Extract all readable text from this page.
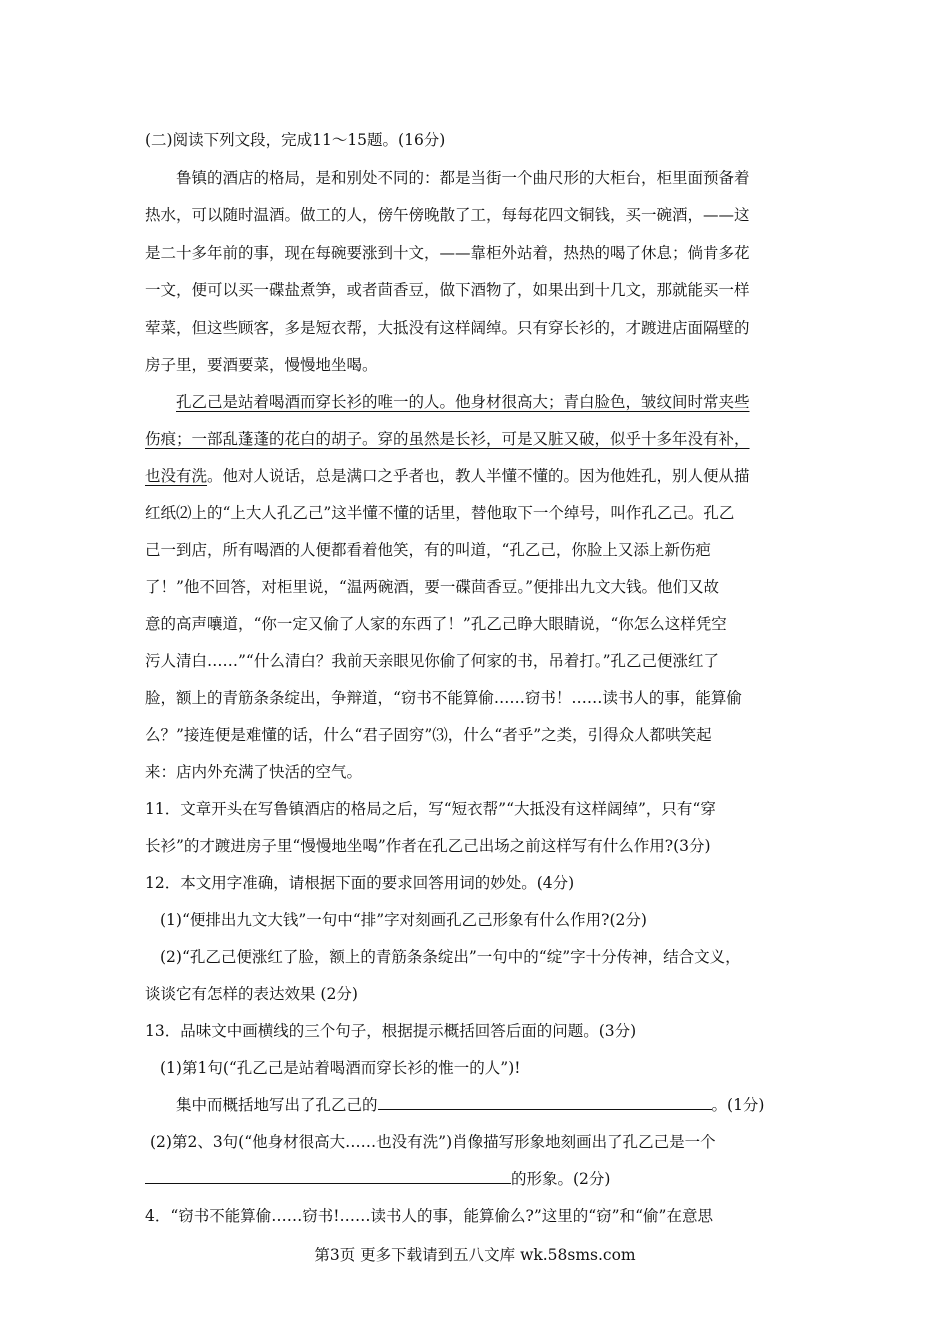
(二)阅读下列文段，完成11～15题。(16分)
鲁镇的酒店的格局，是和别处不同的：都是当街一个曲尺形的大柜台，柜里面预备着
热水，可以随时温酒。做工的人，傍午傍晚散了工，每每花四文铜钱，买一碗酒，——这
是二十多年前的事，现在每碗要涨到十文，——靠柜外站着，热热的喝了休息；倘肯多花
一文，便可以买一碟盐煮笋，或者茴香豆，做下酒物了，如果出到十几文，那就能买一样
荤菜，但这些顾客，多是短衣帮，大抵没有这样阔绰。只有穿长衫的，才踱进店面隔壁的
房子里，要酒要菜，慢慢地坐喝。
孔乙己是站着喝酒而穿长衫的唯一的人。他身材很高大；青白脸色，皱纹间时常夹些
伤痕；一部乱蓬蓬的花白的胡子。穿的虽然是长衫，可是又脏又破，似乎十多年没有补，
也没有洗。他对人说话，总是满口之乎者也，教人半懂不懂的。因为他姓孔，别人便从描
红纸⑵上的“上大人孔乙己”这半懂不懂的话里，替他取下一个绰号，叫作孔乙己。孔乙
己一到店，所有喝酒的人便都看着他笑，有的叫道，“孔乙己，你脸上又添上新伤疤
了！”他不回答，对柜里说，“温两碗酒，要一碟茴香豆。”便排出九文大钱。他们又故
意的高声嚷道，“你一定又偷了人家的东西了！”孔乙己睁大眼睛说，“你怎么这样凭空
污人清白……”“什么清白？我前天亲眼见你偷了何家的书，吊着打。”孔乙己便涨红了
脸，额上的青筋条条绽出，争辩道，“窃书不能算偷……窃书！……读书人的事，能算偷
么？”接连便是难懂的话，什么“君子固穷”⑶，什么“者乎”之类，引得众人都哄笑起
来：店内外充满了快活的空气。
11．文章开头在写鲁镇酒店的格局之后，写“短衣帮”“大抵没有这样阔绰”，只有“穿
长衫”的才踱进房子里“慢慢地坐喝”作者在孔乙己出场之前这样写有什么作用?(3分)
12．本文用字准确，请根据下面的要求回答用词的妙处。(4分)
(1)“便排出九文大钱”一句中“排”字对刻画孔乙己形象有什么作用?(2分)
(2)“孔乙己便涨红了脸，额上的青筋条条绽出”一句中的“绽”字十分传神，结合文义，
谈谈它有怎样的表达效果 (2分)
13．品味文中画横线的三个句子，根据提示概括回答后面的问题。(3分)
(1)第1句(“孔乙己是站着喝酒而穿长衫的惟一的人”)!
集中而概括地写出了孔乙己的	。(1分)
(2)第2、3句(“他身材很高大……也没有洗”)肖像描写形象地刻画出了孔乙己是一个
的形象。(2分)
4．“窃书不能算偷……窃书!……读书人的事，能算偷么?”这里的“窃”和“偷”在意思
第3页 更多下载请到五八文库 wk.58sms.com
